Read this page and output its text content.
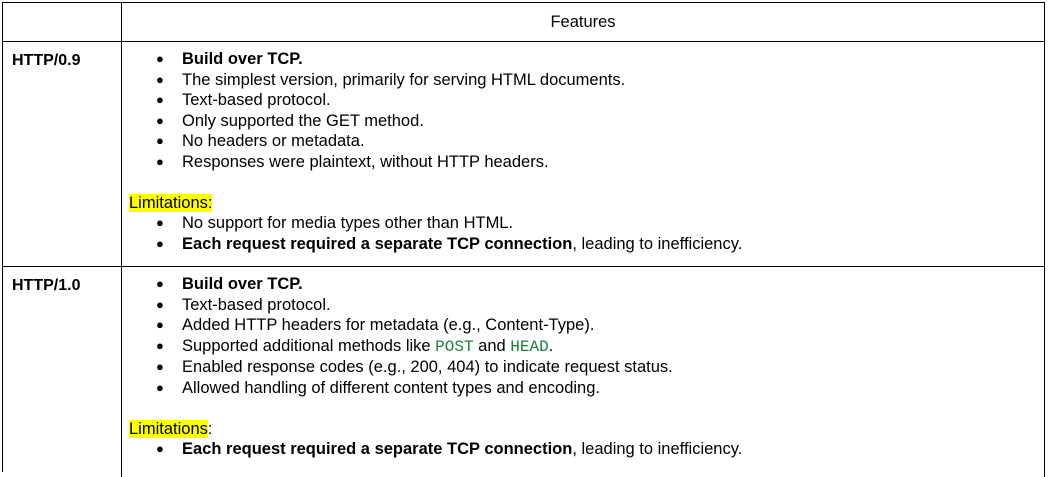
Features
HTTP/0.9	● Build over TCP.
● The simplest version, primarily for serving HTML documents.
● Text-based protocol.
● Only supported the GET method.
● No headers or metadata.
● Responses were plaintext, without HTTP headers.
Limitations:
● No support for media types other than HTML.
● Each request required a separate TCP connection, leading to inefficiency.
HTTP/1.0	● Build over TCP.
● Text-based protocol.
● Added HTTP headers for metadata (e.g., Content-Type).
● Supported additional methods like POST and HEAD.
● Enabled response codes (e.g., 200, 404) to indicate request status.
● Allowed handling of different content types and encoding.
Limitations:
● Each request required a separate TCP connection, leading to inefficiency.
